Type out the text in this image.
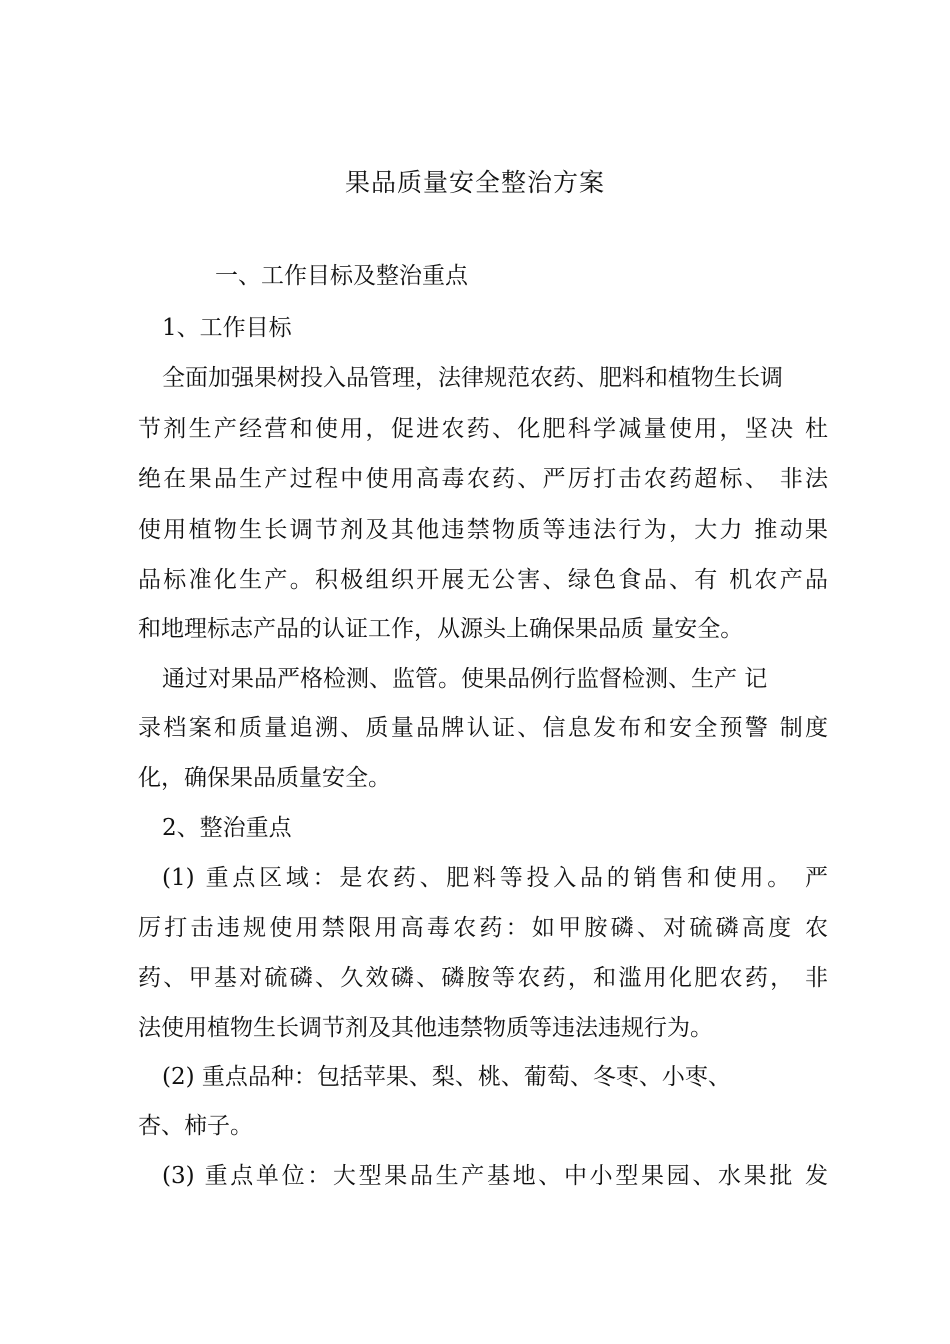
果品质量安全整治方案
一、工作目标及整治重点
1、工作目标
全面加强果树投入品管理，法律规范农药、肥料和植物生长调
节剂生产经营和使用，促进农药、化肥科学减量使用，坚决 杜
绝在果品生产过程中使用高毒农药、严厉打击农药超标、 非法
使用植物生长调节剂及其他违禁物质等违法行为，大力 推动果
品标准化生产。积极组织开展无公害、绿色食品、有 机农产品
和地理标志产品的认证工作，从源头上确保果品质 量安全。
通过对果品严格检测、监管。使果品例行监督检测、生产 记
录档案和质量追溯、质量品牌认证、信息发布和安全预警 制度
化，确保果品质量安全。
2、整治重点
(1) 重点区域：是农药、肥料等投入品的销售和使用。 严
厉打击违规使用禁限用高毒农药：如甲胺磷、对硫磷高度 农
药、甲基对硫磷、久效磷、磷胺等农药，和滥用化肥农药， 非
法使用植物生长调节剂及其他违禁物质等违法违规行为。
(2) 重点品种：包括苹果、梨、桃、葡萄、冬枣、小枣、
杏、柿子。
(3) 重点单位：大型果品生产基地、中小型果园、水果批 发
